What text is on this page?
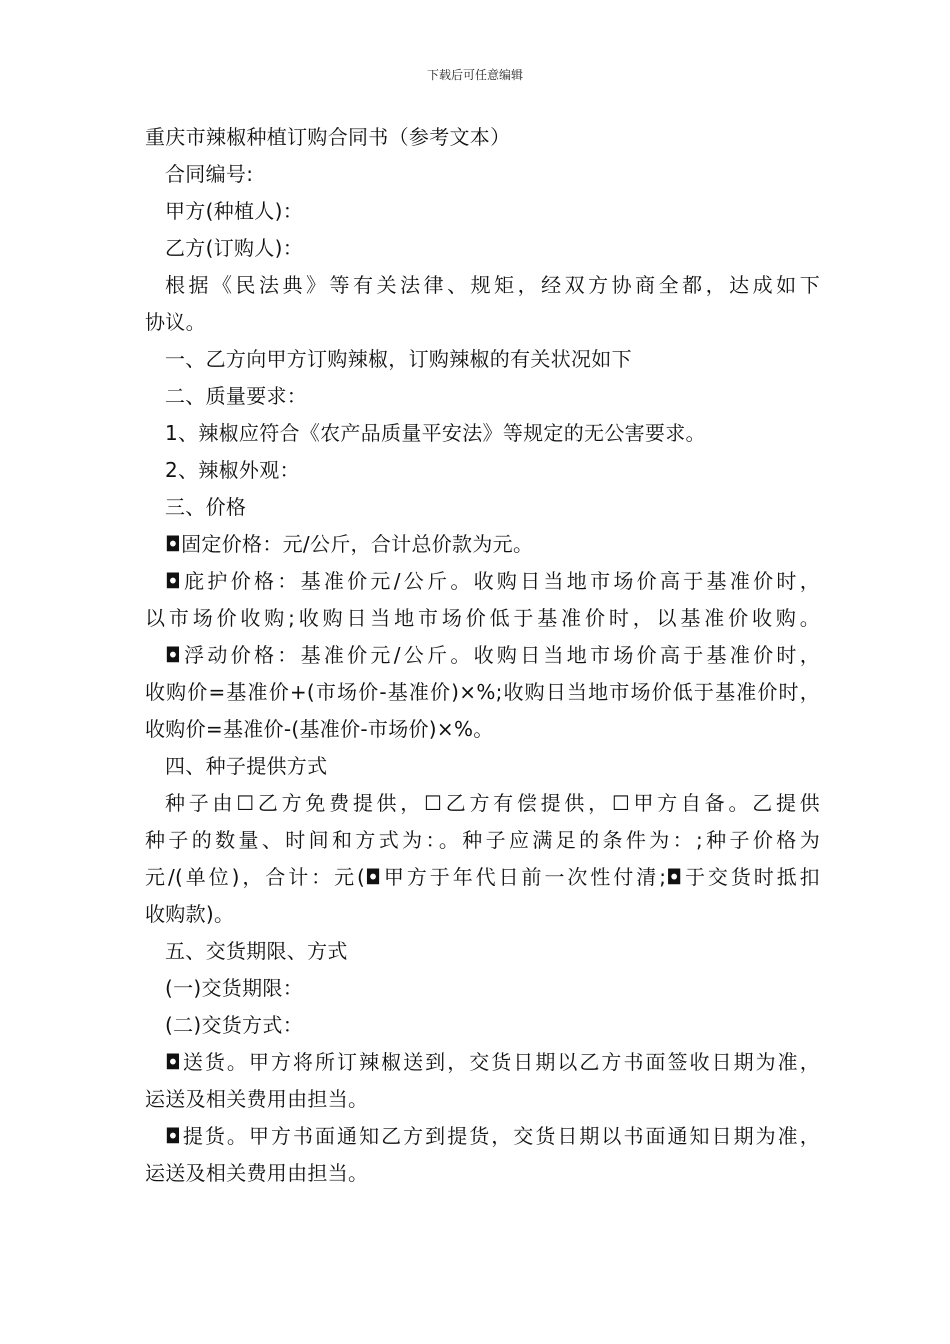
下载后可任意编辑
重庆市辣椒种植订购合同书（参考文本）
合同编号:
甲方(种植人)：
乙方(订购人)：
根据《民法典》等有关法律、规矩，经双方协商全都，达成如下
协议。
一、乙方向甲方订购辣椒，订购辣椒的有关状况如下
二、质量要求：
1、辣椒应符合《农产品质量平安法》等规定的无公害要求。
2、辣椒外观：
三、价格
◘固定价格：元/公斤，合计总价款为元。
◘庇护价格：基准价元/公斤。收购日当地市场价高于基准价时，
以市场价收购;收购日当地市场价低于基准价时，以基准价收购。
◘浮动价格：基准价元/公斤。收购日当地市场价高于基准价时，
收购价=基准价+(市场价-基准价)×%;收购日当地市场价低于基准价时，
收购价=基准价-(基准价-市场价)×%。
四、种子提供方式
种子由☐乙方免费提供，☐乙方有偿提供，☐甲方自备。乙提供
种子的数量、时间和方式为：。种子应满足的条件为：;种子价格为
元/(单位)，合计：元(◘甲方于年代日前一次性付清;◘于交货时抵扣
收购款)。
五、交货期限、方式
(一)交货期限：
(二)交货方式：
◘送货。甲方将所订辣椒送到，交货日期以乙方书面签收日期为准，
运送及相关费用由担当。
◘提货。甲方书面通知乙方到提货，交货日期以书面通知日期为准，
运送及相关费用由担当。
